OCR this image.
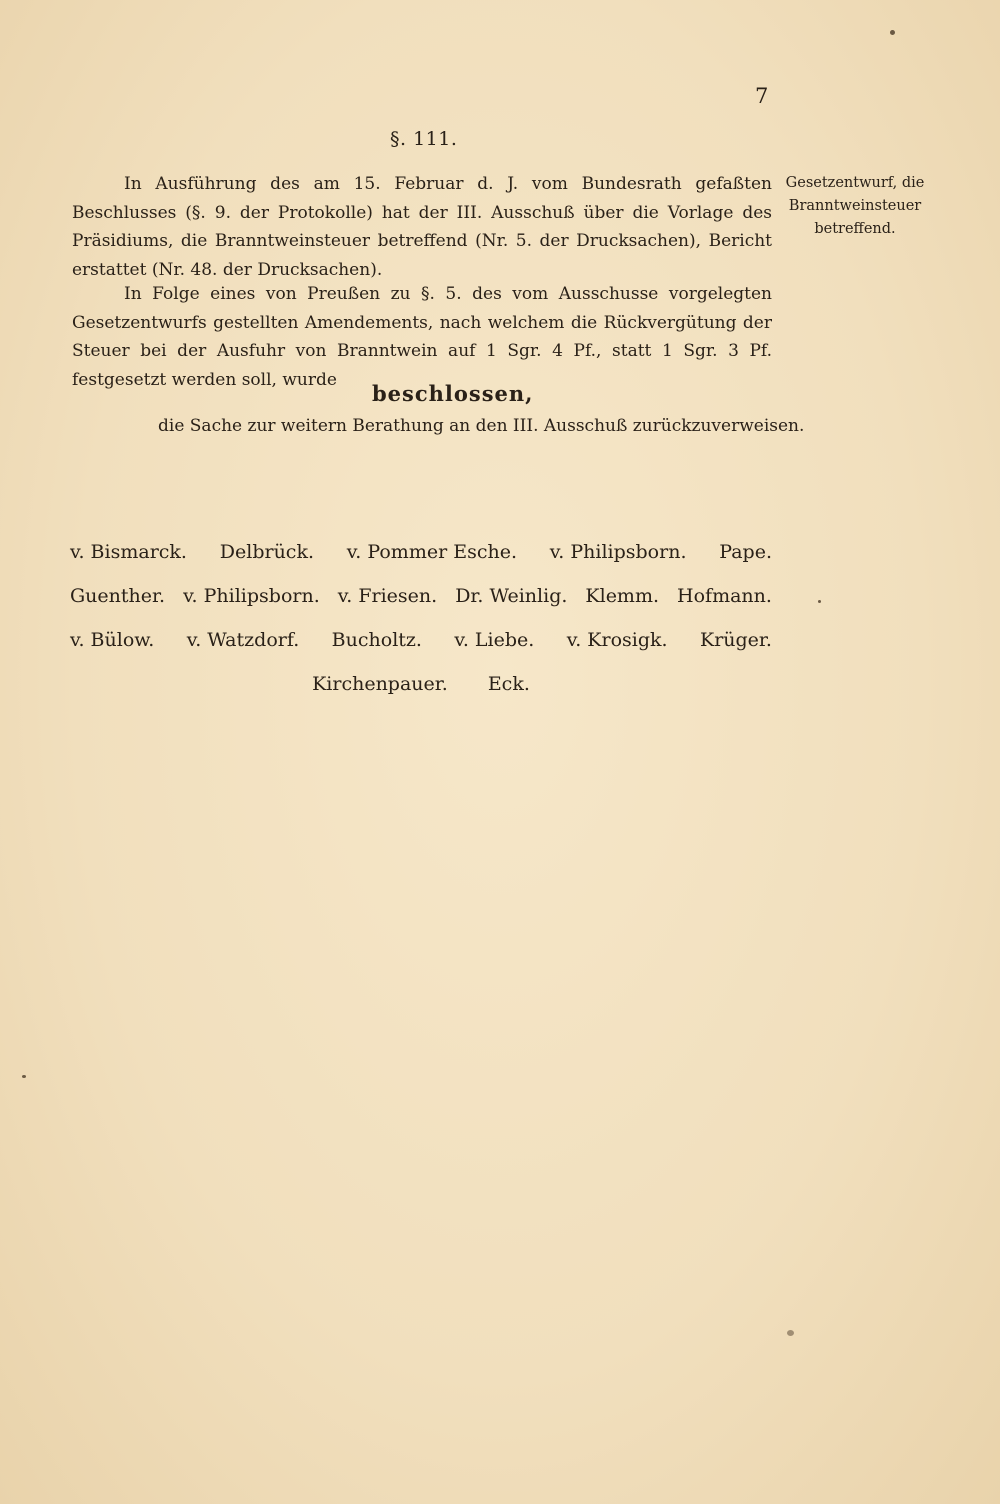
7
§. 111.

In Ausführung des am 15. Februar d. J. vom Bundesrath gefaßten Beschlusses (§. 9. der Protokolle) hat der III. Ausschuß über die Vorlage des Präsidiums, die Branntweinsteuer betreffend (Nr. 5. der Drucksachen), Bericht erstattet (Nr. 48. der Drucksachen).

In Folge eines von Preußen zu §. 5. des vom Ausschusse vorgelegten Gesetzentwurfs gestellten Amendements, nach welchem die Rückvergütung der Steuer bei der Ausfuhr von Branntwein auf 1 Sgr. 4 Pf., statt 1 Sgr. 3 Pf. festgesetzt werden soll, wurde

Gesetzentwurf, die Branntweinsteuer betreffend.
beschlossen,
die Sache zur weitern Berathung an den III. Ausschuß zurückzuverweisen.
v. Bismarck. Delbrück. v. Pommer Esche. v. Philipsborn. Pape.
Guenther. v. Philipsborn. v. Friesen. Dr. Weinlig. Klemm. Hofmann.
v. Bülow. v. Watzdorf. Bucholtz. v. Liebe. v. Krosigk. Krüger.
Kirchenpauer. Eck.
